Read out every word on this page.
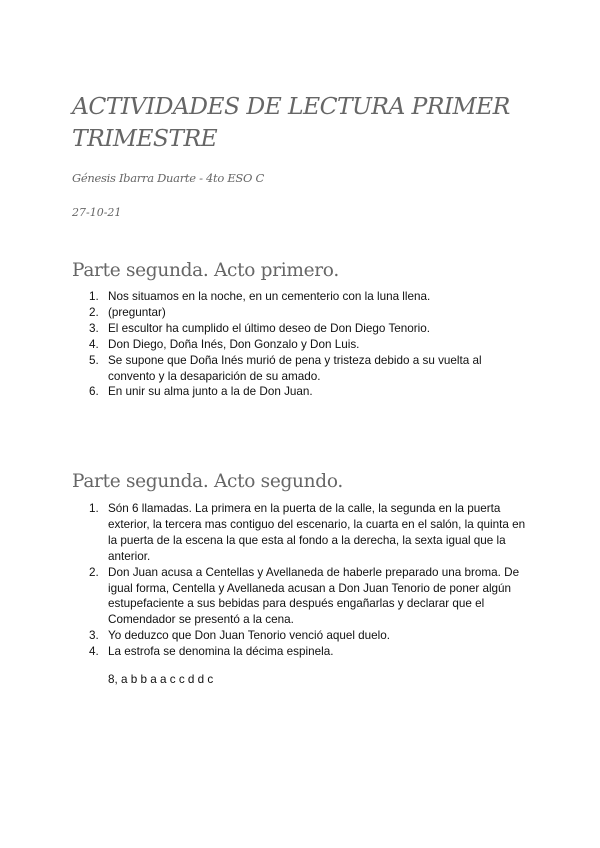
ACTIVIDADES DE LECTURA PRIMER TRIMESTRE
Génesis Ibarra Duarte - 4to ESO C
27-10-21
Parte segunda. Acto primero.
1. Nos situamos en la noche, en un cementerio con la luna llena.
2. (preguntar)
3. El escultor ha cumplido el último deseo de Don Diego Tenorio.
4. Don Diego, Doña Inés, Don Gonzalo y Don Luis.
5. Se supone que Doña Inés murió de pena y tristeza debido a su vuelta al convento y la desaparición de su amado.
6. En unir su alma junto a la de Don Juan.
Parte segunda. Acto segundo.
1. Són 6 llamadas. La primera en la puerta de la calle, la segunda en la puerta exterior, la tercera mas contiguo del escenario, la cuarta en el salón, la quinta en la puerta de la escena la que esta al fondo a la derecha, la sexta igual que la anterior.
2. Don Juan acusa a Centellas y Avellaneda de haberle preparado una broma. De igual forma, Centella y Avellaneda acusan a Don Juan Tenorio de poner algún estupefaciente a sus bebidas para después engañarlas y declarar que el Comendador se presentó a la cena.
3. Yo deduzco que Don Juan Tenorio venció aquel duelo.
4. La estrofa se denomina la décima espinela.
8, a b b a a c c d d c
